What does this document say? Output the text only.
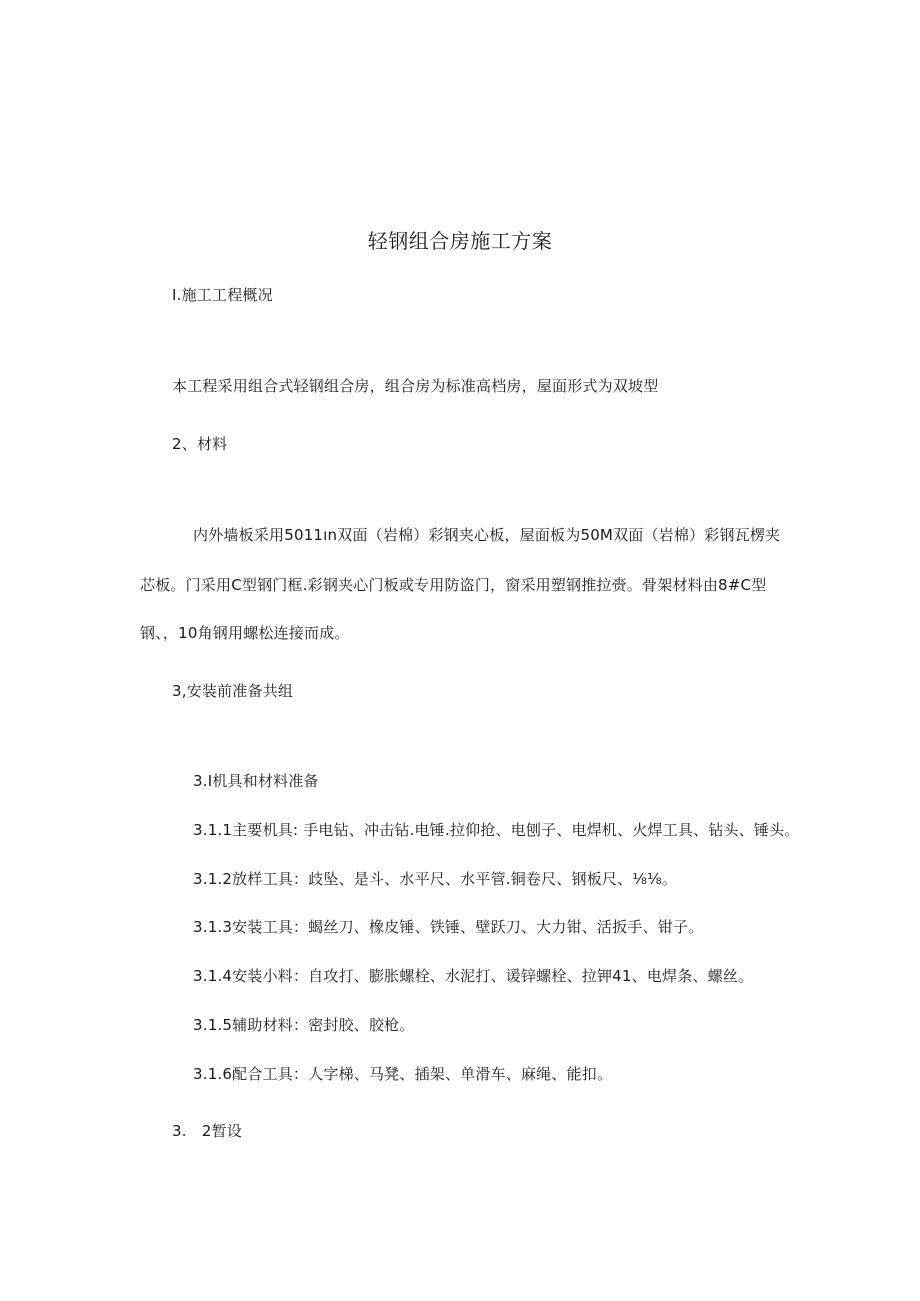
轻钢组合房施工方案
I.施工工程概况
本工程采用组合式轻钢组合房，组合房为标准高档房，屋面形式为双坡型
2、材料
内外墙板采用5011ın双面（岩棉）彩钢夹心板，屋面板为50M双面（岩棉）彩钢瓦楞夹
芯板。门采用C型钢门框.彩钢夹心门板或专用防盗门，窗采用塑钢推拉赍。骨架材料由8#C型
钢、，10角钢用螺松连接而成。
3,安装前准备共组
3.I机具和材料准备
3.1.1主要机具: 手电钻、冲击钻.电锤.拉仰抢、电刨子、电焊机、火焊工具、钻头、锤头。
3.1.2放样工具：歧坠、是斗、水平尺、水平管.铜卷尺、钢板尺、⅛⅛。
3.1.3安装工具：蝎丝刀、橡皮锤、铁锤、壁跃刀、大力钳、活扳手、钳子。
3.1.4安装小料：自攻打、膨胀螺栓、水泥打、谖锌螺栓、拉钾41、电焊条、螺丝。
3.1.5辅助材料：密封胶、胶枪。
3.1.6配合工具：人字梯、马凳、插架、单滑车、麻绳、能扣。
3.　2暂设
